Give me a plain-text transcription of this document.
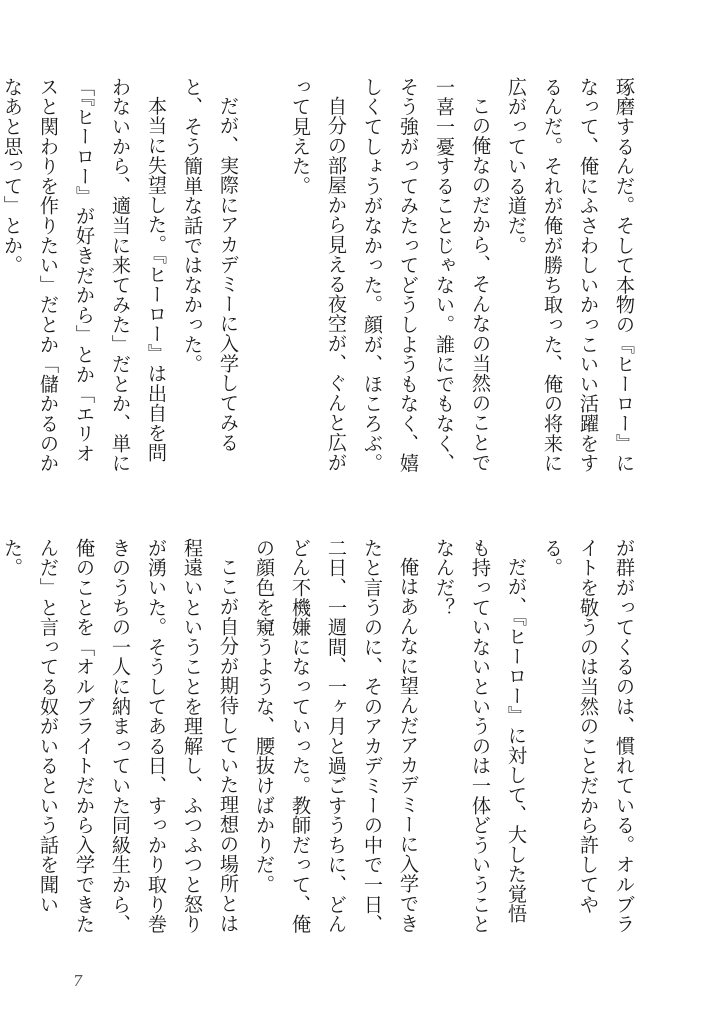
琢磨するんだ。そして本物の『ヒーロー』になって、俺にふさわしいかっこいい活躍をするんだ。それが俺が勝ち取った、俺の将来に広がっている道だ。

この俺なのだから、そんなの当然のことで一喜一憂することじゃない。誰にでもなく、そう強がってみたってどうしようもなく、嬉しくてしょうがなかった。顔が、ほころぶ。

自分の部屋から見える夜空が、ぐんと広がって見えた。

だが、実際にアカデミーに入学してみると、そう簡単な話ではなかった。

本当に失望した。『ヒーロー』は出自を問わないから、適当に来てみた」だとか、単に「『ヒーロー』が好きだから」とか「エリオスと関わりを作りたい」だとか「儲かるのかなあと思って」とか。

が群がってくるのは、慣れている。オルブライトを敬うのは当然のことだから許してやる。

だが、『ヒーロー』に対して、大した覚悟も持っていないというのは一体どういうことなんだ？

俺はあんなに望んだアカデミーに入学できたと言うのに、そのアカデミーの中で一日、二日、一週間、一ヶ月と過ごすうちに、どんどん不機嫌になっていった。教師だって、俺の顔色を窺うような、腰抜けばかりだ。

ここが自分が期待していた理想の場所とは程遠いということを理解し、ふつふつと怒りが湧いた。そうしてある日、すっかり取り巻きのうちの一人に納まっていた同級生から、俺のことを「オルブライトだから入学できたんだ」と言ってる奴がいるという話を聞いた。

7
